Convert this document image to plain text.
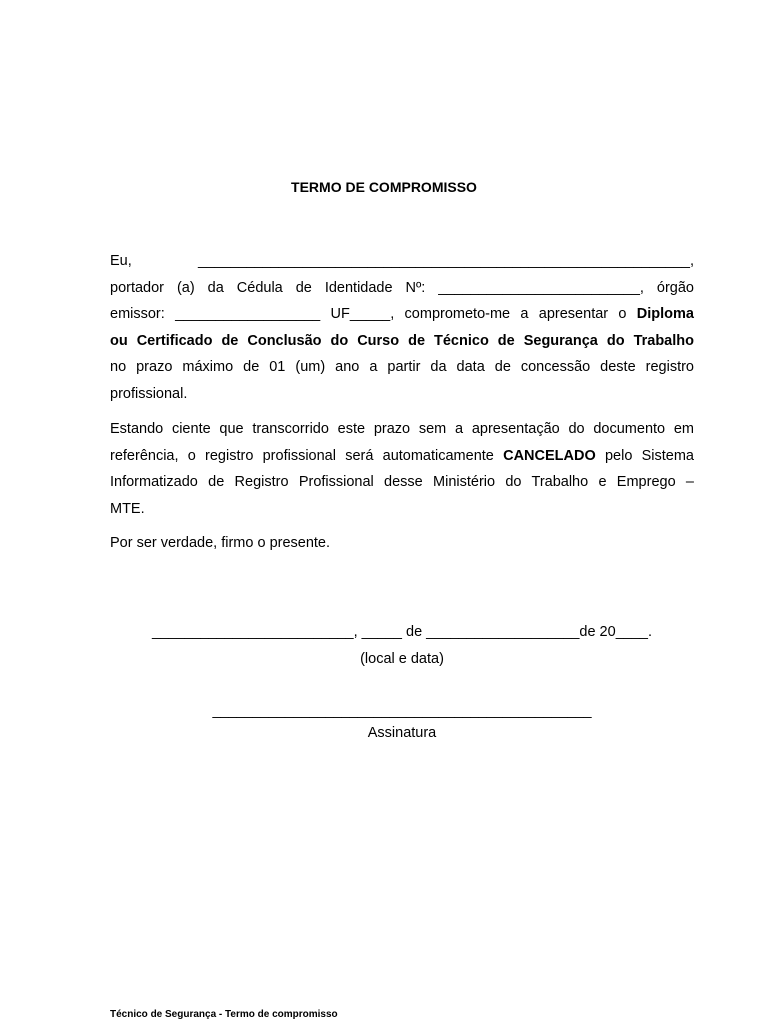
TERMO DE COMPROMISSO
Eu, _____________________________________________________________,
portador (a) da Cédula de Identidade Nº: _________________________, órgão
emissor: __________________ UF_____, comprometo-me a apresentar o Diploma
ou Certificado de Conclusão do Curso de Técnico de Segurança do Trabalho
no prazo máximo de 01 (um) ano a partir da data de concessão deste registro
profissional.
Estando ciente que transcorrido este prazo sem a apresentação do documento em
referência, o registro profissional será automaticamente CANCELADO pelo Sistema
Informatizado de Registro Profissional desse Ministério do Trabalho e Emprego –
MTE.
Por ser verdade, firmo o presente.
_________________________, _____ de ___________________de 20____.
(local e data)
_______________________________________________
Assinatura
Técnico de Segurança - Termo de compromisso
